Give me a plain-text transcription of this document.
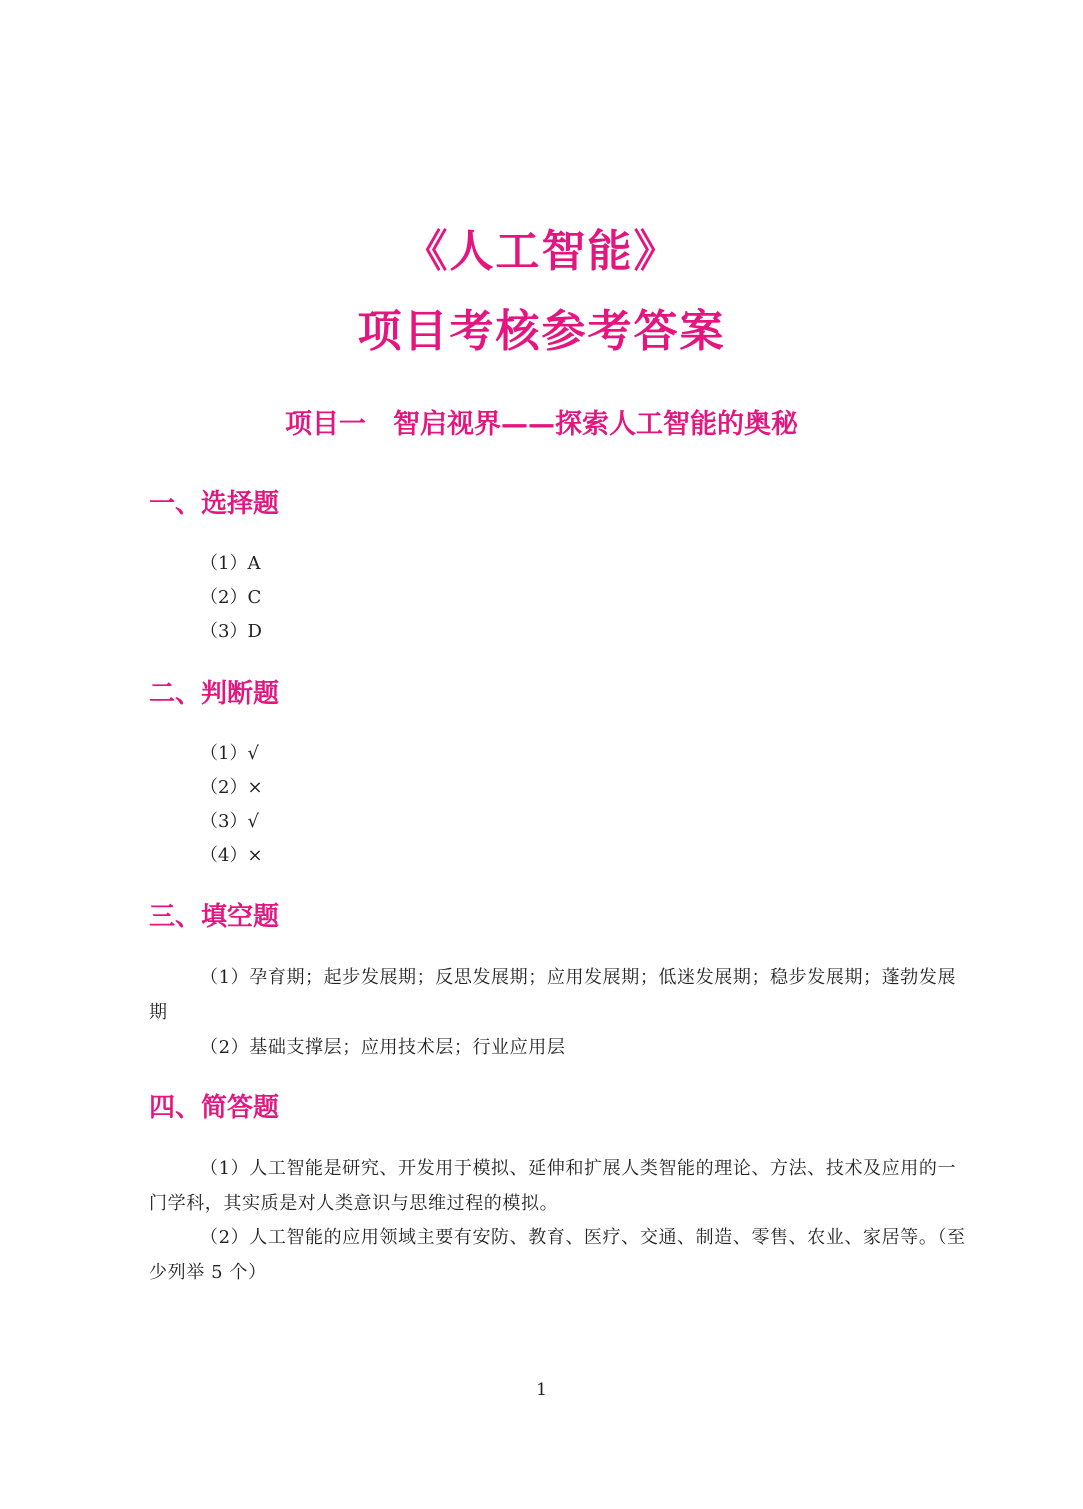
《人工智能》
项目考核参考答案
项目一　智启视界——探索人工智能的奥秘
一、选择题
（1）A
（2）C
（3）D
二、判断题
（1）√
（2）×
（3）√
（4）×
三、填空题
（1）孕育期；起步发展期；反思发展期；应用发展期；低迷发展期；稳步发展期；蓬勃发展期
（2）基础支撑层；应用技术层；行业应用层
四、简答题
（1）人工智能是研究、开发用于模拟、延伸和扩展人类智能的理论、方法、技术及应用的一门学科，其实质是对人类意识与思维过程的模拟。
（2）人工智能的应用领域主要有安防、教育、医疗、交通、制造、零售、农业、家居等。（至少列举 5 个）
1
